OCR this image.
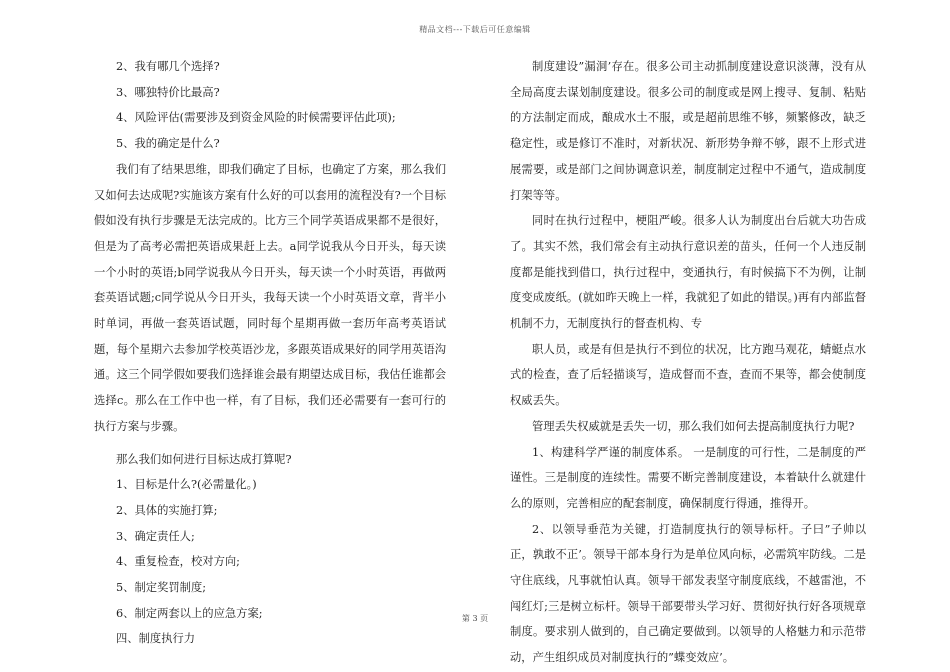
精品文档---下载后可任意编辑

2、我有哪几个选择?

3、哪独特价比最高?

4、风险评估(需要涉及到资金风险的时候需要评估此项);

5、我的确定是什么?

我们有了结果思维，即我们确定了目标，也确定了方案，那么我们又如何去达成呢?实施该方案有什么好的可以套用的流程没有?一个目标假如没有执行步骤是无法完成的。比方三个同学英语成果都不是很好，但是为了高考必需把英语成果赶上去。a同学说我从今日开头，每天读一个小时的英语;b同学说我从今日开头，每天读一个小时英语，再做两套英语试题;c同学说从今日开头，我每天读一个小时英语文章，背半小时单词，再做一套英语试题，同时每个星期再做一套历年高考英语试题，每个星期六去参加学校英语沙龙，多跟英语成果好的同学用英语沟通。这三个同学假如要我们选择谁会最有期望达成目标，我估任谁都会选择c。那么在工作中也一样，有了目标，我们还必需要有一套可行的执行方案与步骤。

那么我们如何进行目标达成打算呢?

1、目标是什么?(必需量化。)

2、具体的实施打算;

3、确定责任人;

4、重复检查，校对方向;

5、制定奖罚制度;

6、制定两套以上的应急方案;

四、制度执行力

制度建设”漏洞’存在。很多公司主动抓制度建设意识淡薄，没有从全局高度去谋划制度建设。很多公司的制度或是网上搜寻、复制、粘贴的方法制定而成，酿成水土不服，或是超前思维不够，频繁修改，缺乏稳定性，或是修订不准时，对新状况、新形势争辩不够，跟不上形式进展需要，或是部门之间协调意识差，制度制定过程中不通气，造成制度打架等等。

同时在执行过程中，梗阻严峻。很多人认为制度出台后就大功告成了。其实不然，我们常会有主动执行意识差的苗头，任何一个人违反制度都是能找到借口，执行过程中，变通执行，有时候搞下不为例，让制度变成废纸。(就如昨天晚上一样，我就犯了如此的错误。)再有内部监督机制不力，无制度执行的督查机构、专

职人员，或是有但是执行不到位的状况，比方跑马观花，蜻蜓点水式的检查，查了后轻描谈写，造成督而不查，查而不果等，都会使制度权威丢失。

管理丢失权威就是丢失一切，那么我们如何去提高制度执行力呢?

1、构建科学严谨的制度体系。 一是制度的可行性，二是制度的严谨性。三是制度的连续性。需要不断完善制度建设，本着缺什么就建什么的原则，完善相应的配套制度，确保制度行得通，推得开。

2、以领导垂范为关键，打造制度执行的领导标杆。子曰”子帅以正，孰敢不正’。领导干部本身行为是单位风向标，必需筑牢防线。二是守住底线，凡事就怕认真。领导干部发表坚守制度底线，不越雷池，不闯红灯;三是树立标杆。领导干部要带头学习好、贯彻好执行好各项规章制度。要求别人做到的，自己确定要做到。以领导的人格魅力和示范带动，产生组织成员对制度执行的”蝶变效应’。

第 3 页
